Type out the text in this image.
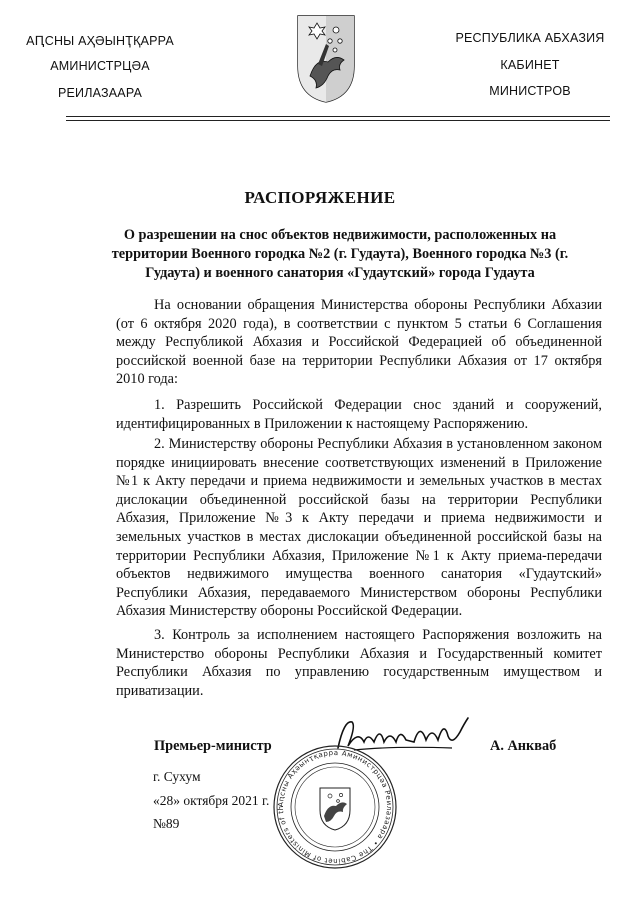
АԤСНЫ АҲӘЫНҬҚАРРА
АМИНИСТРЦӘА
РЕИЛАЗААРА
РЕСПУБЛИКА АБХАЗИЯ
КАБИНЕТ
МИНИСТРОВ
РАСПОРЯЖЕНИЕ
О разрешении на снос объектов недвижимости, расположенных на территории Военного городка №2 (г. Гудаута), Военного городка №3 (г. Гудаута) и военного санатория «Гудаутский» города Гудаута

На основании обращения Министерства обороны Республики Абхазии (от 6 октября 2020 года), в соответствии с пунктом 5 статьи 6 Соглашения между Республикой Абхазия и Российской Федерацией об объединенной российской военной базе на территории Республики Абхазия от 17 октября 2010 года:

1. Разрешить Российской Федерации снос зданий и сооружений, идентифицированных в Приложении к настоящему Распоряжению.

2. Министерству обороны Республики Абхазия в установленном законом порядке инициировать внесение соответствующих изменений в Приложение №1 к Акту передачи и приема недвижимости и земельных участков в местах дислокации объединенной российской базы на территории Республики Абхазия, Приложение №3 к Акту передачи и приема недвижимости и земельных участков в местах дислокации объединенной российской базы на территории Республики Абхазия, Приложение №1 к Акту приема-передачи объектов недвижимого имущества военного санатория «Гудаутский» Республики Абхазия, передаваемого Министерством обороны Республики Абхазия Министерству обороны Российской Федерации.

3. Контроль за исполнением настоящего Распоряжения возложить на Министерство обороны Республики Абхазия и Государственный комитет Республики Абхазия по управлению государственным имуществом и приватизации.

Премьер-министр	А. Анкваб
Аԥсны Аҳәынҭқарра Аминистрцәа Реилазаара • The Cabinet of Ministers of th
г. Сухум
«28» октября 2021 г.
№89
